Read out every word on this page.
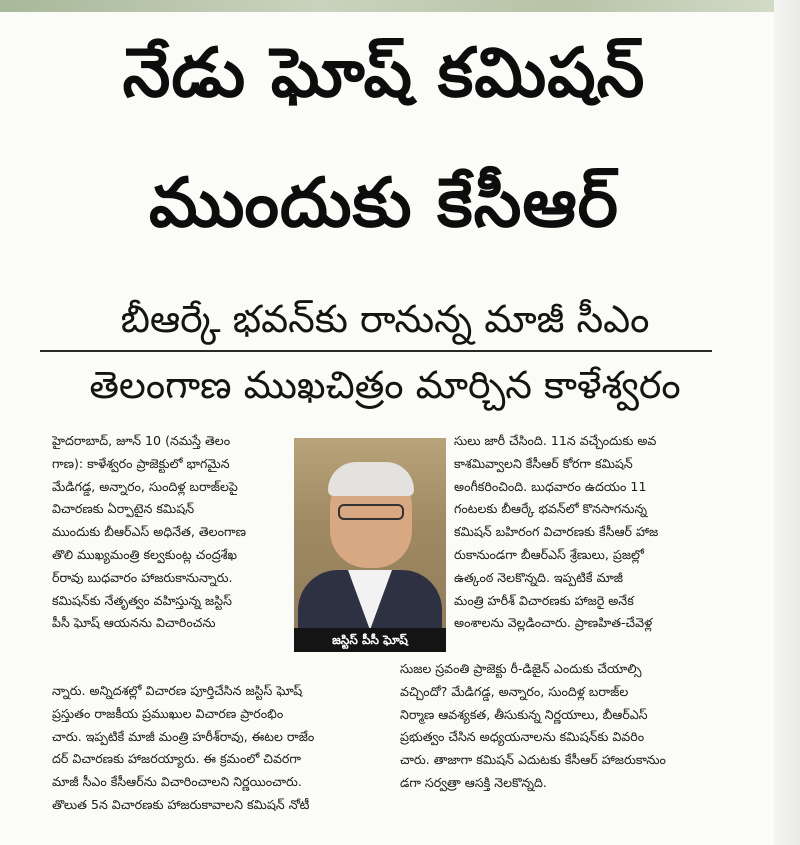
నేడు ఘోష్ కమిషన్
ముందుకు కేసీఆర్
బీఆర్కే భవన్‌కు రానున్న మాజీ సీఎం
తెలంగాణ ముఖచిత్రం మార్చిన కాళేశ్వరం
హైదరాబాద్, జూన్ 10 (నమస్తే తెలం
గాణ): కాళేశ్వరం ప్రాజెక్టులో భాగమైన
మేడిగడ్డ, అన్నారం, సుందిళ్ల బరాజ్‌లపై
విచారణకు ఏర్పాటైన కమిషన్
ముందుకు బీఆర్ఎస్ అధినేత, తెలంగాణ
తొలి ముఖ్యమంత్రి కల్వకుంట్ల చంద్రశేఖ
ర్‌రావు బుధవారం హాజరుకానున్నారు.
కమిషన్‌కు నేతృత్వం వహిస్తున్న జస్టిస్
పీసీ ఘోష్ ఆయనను విచారించను
న్నారు. అన్నిదశల్లో విచారణ పూర్తిచేసిన జస్టిస్ ఘోష్
ప్రస్తుతం రాజకీయ ప్రముఖుల విచారణ ప్రారంభిం
చారు. ఇప్పటికే మాజీ మంత్రి హరీశ్‌రావు, ఈటల రాజేం
దర్ విచారణకు హాజరయ్యారు. ఈ క్రమంలో చివరగా
మాజీ సీఎం కేసీఆర్‌ను విచారించాలని నిర్ణయించారు.
తొలుత 5న విచారణకు హాజరుకావాలని కమిషన్ నోటీ
జస్టిస్ పీసీ ఘోష్
సులు జారీ చేసింది. 11న వచ్చేందుకు అవ
కాశమివ్వాలని కేసీఆర్ కోరగా కమిషన్
అంగీకరించింది. బుధవారం ఉదయం 11
గంటలకు బీఆర్కే భవన్‌లో కొనసాగనున్న
కమిషన్ బహిరంగ విచారణకు కేసీఆర్ హాజ
రుకానుండగా బీఆర్ఎస్ శ్రేణులు, ప్రజల్లో
ఉత్కంఠ నెలకొన్నది. ఇప్పటికే మాజీ
మంత్రి హరీశ్ విచారణకు హాజరై అనేక
అంశాలను వెల్లడించారు. ప్రాణహిత-చేవెళ్ల
సుజల స్రవంతి ప్రాజెక్టు రీ-డిజైన్ ఎందుకు చేయాల్సి
వచ్చిందో? మేడిగడ్డ, అన్నారం, సుందిళ్ల బరాజ్‌ల
నిర్మాణ ఆవశ్యకత, తీసుకున్న నిర్ణయాలు, బీఆర్ఎస్
ప్రభుత్వం చేసిన అధ్యయనాలను కమిషన్‌కు వివరిం
చారు. తాజాగా కమిషన్ ఎదుటకు కేసీఆర్ హాజరుకానుం
డగా సర్వత్రా ఆసక్తి నెలకొన్నది.
